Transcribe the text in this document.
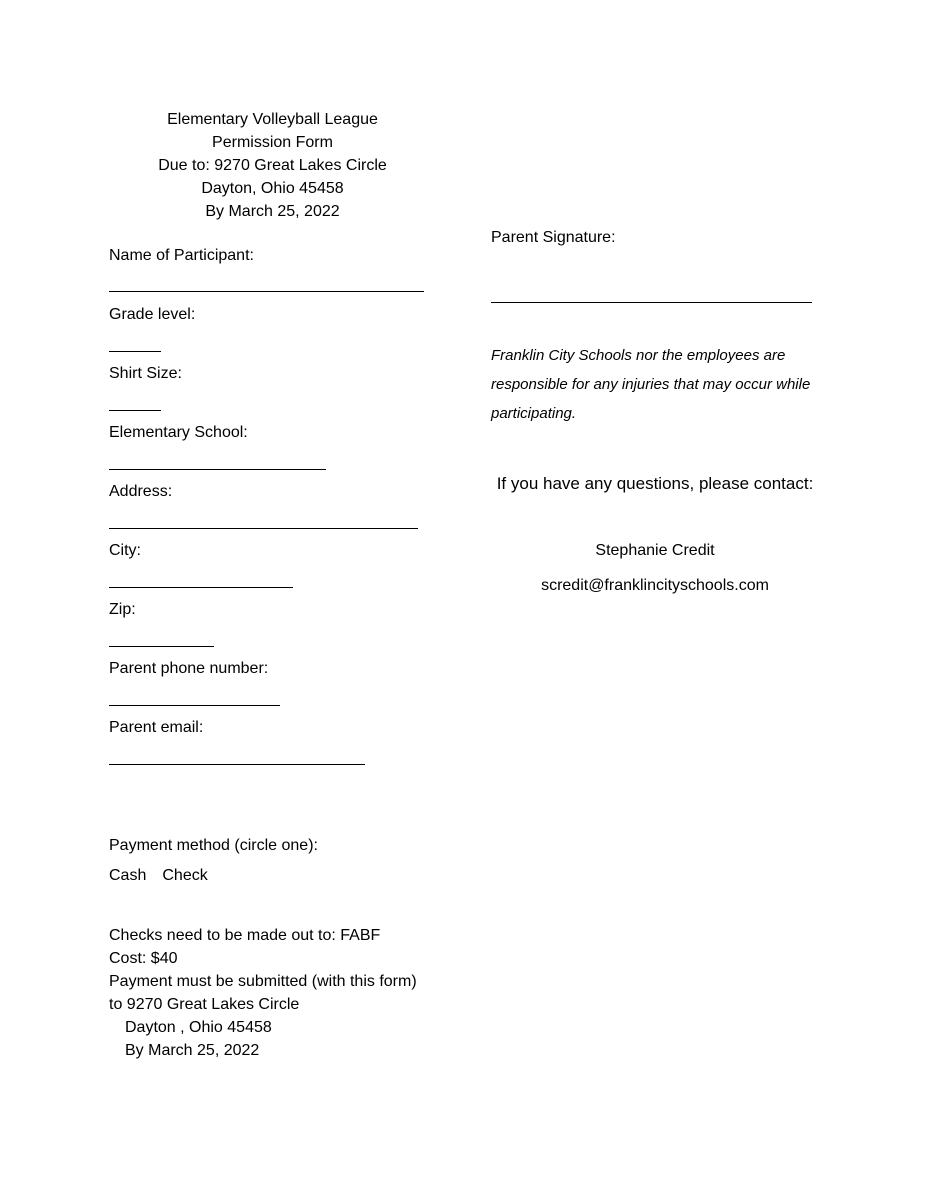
Elementary Volleyball League
Permission Form
Due to: 9270 Great Lakes Circle
Dayton, Ohio 45458
By March 25, 2022
Name of Participant:
Grade level:
Shirt Size:
Elementary School:
Address:
City:
Zip:
Parent phone number:
Parent email:
Payment method (circle one):
Cash Check
Checks need to be made out to: FABF
Cost: $40
Payment must be submitted (with this form)
to 9270 Great Lakes Circle
Dayton , Ohio 45458
By March 25, 2022
Parent Signature:
Franklin City Schools nor the employees are
responsible for any injuries that may occur while
participating.
If you have any questions, please contact:
Stephanie Credit
scredit@franklincityschools.com
